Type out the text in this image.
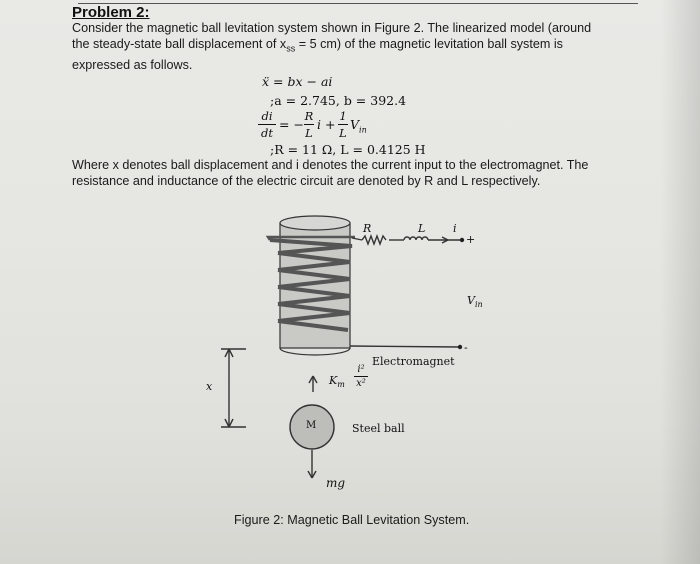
Problem 2:
Consider the magnetic ball levitation system shown in Figure 2. The linearized model (around
the steady-state ball displacement of $x_{ss} = 5$ cm) of the magnetic levitation ball system is
expressed as follows.
ẍ = bx − ai
;a = 2.745, b = 392.4
di
dt
= −
R
L
i +
1
L
$V_{in}$
;R = 11 Ω, L = 0.4125 H
Where x denotes ball displacement and i denotes the current input to the electromagnet. The
resistance and inductance of the electric circuit are denoted by R and L respectively.
R	L	i
+
-
$V_{in}$
Electromagnet
x	$K_m$
i²
x²
M	Steel ball
mg
Figure 2: Magnetic Ball Levitation System.
